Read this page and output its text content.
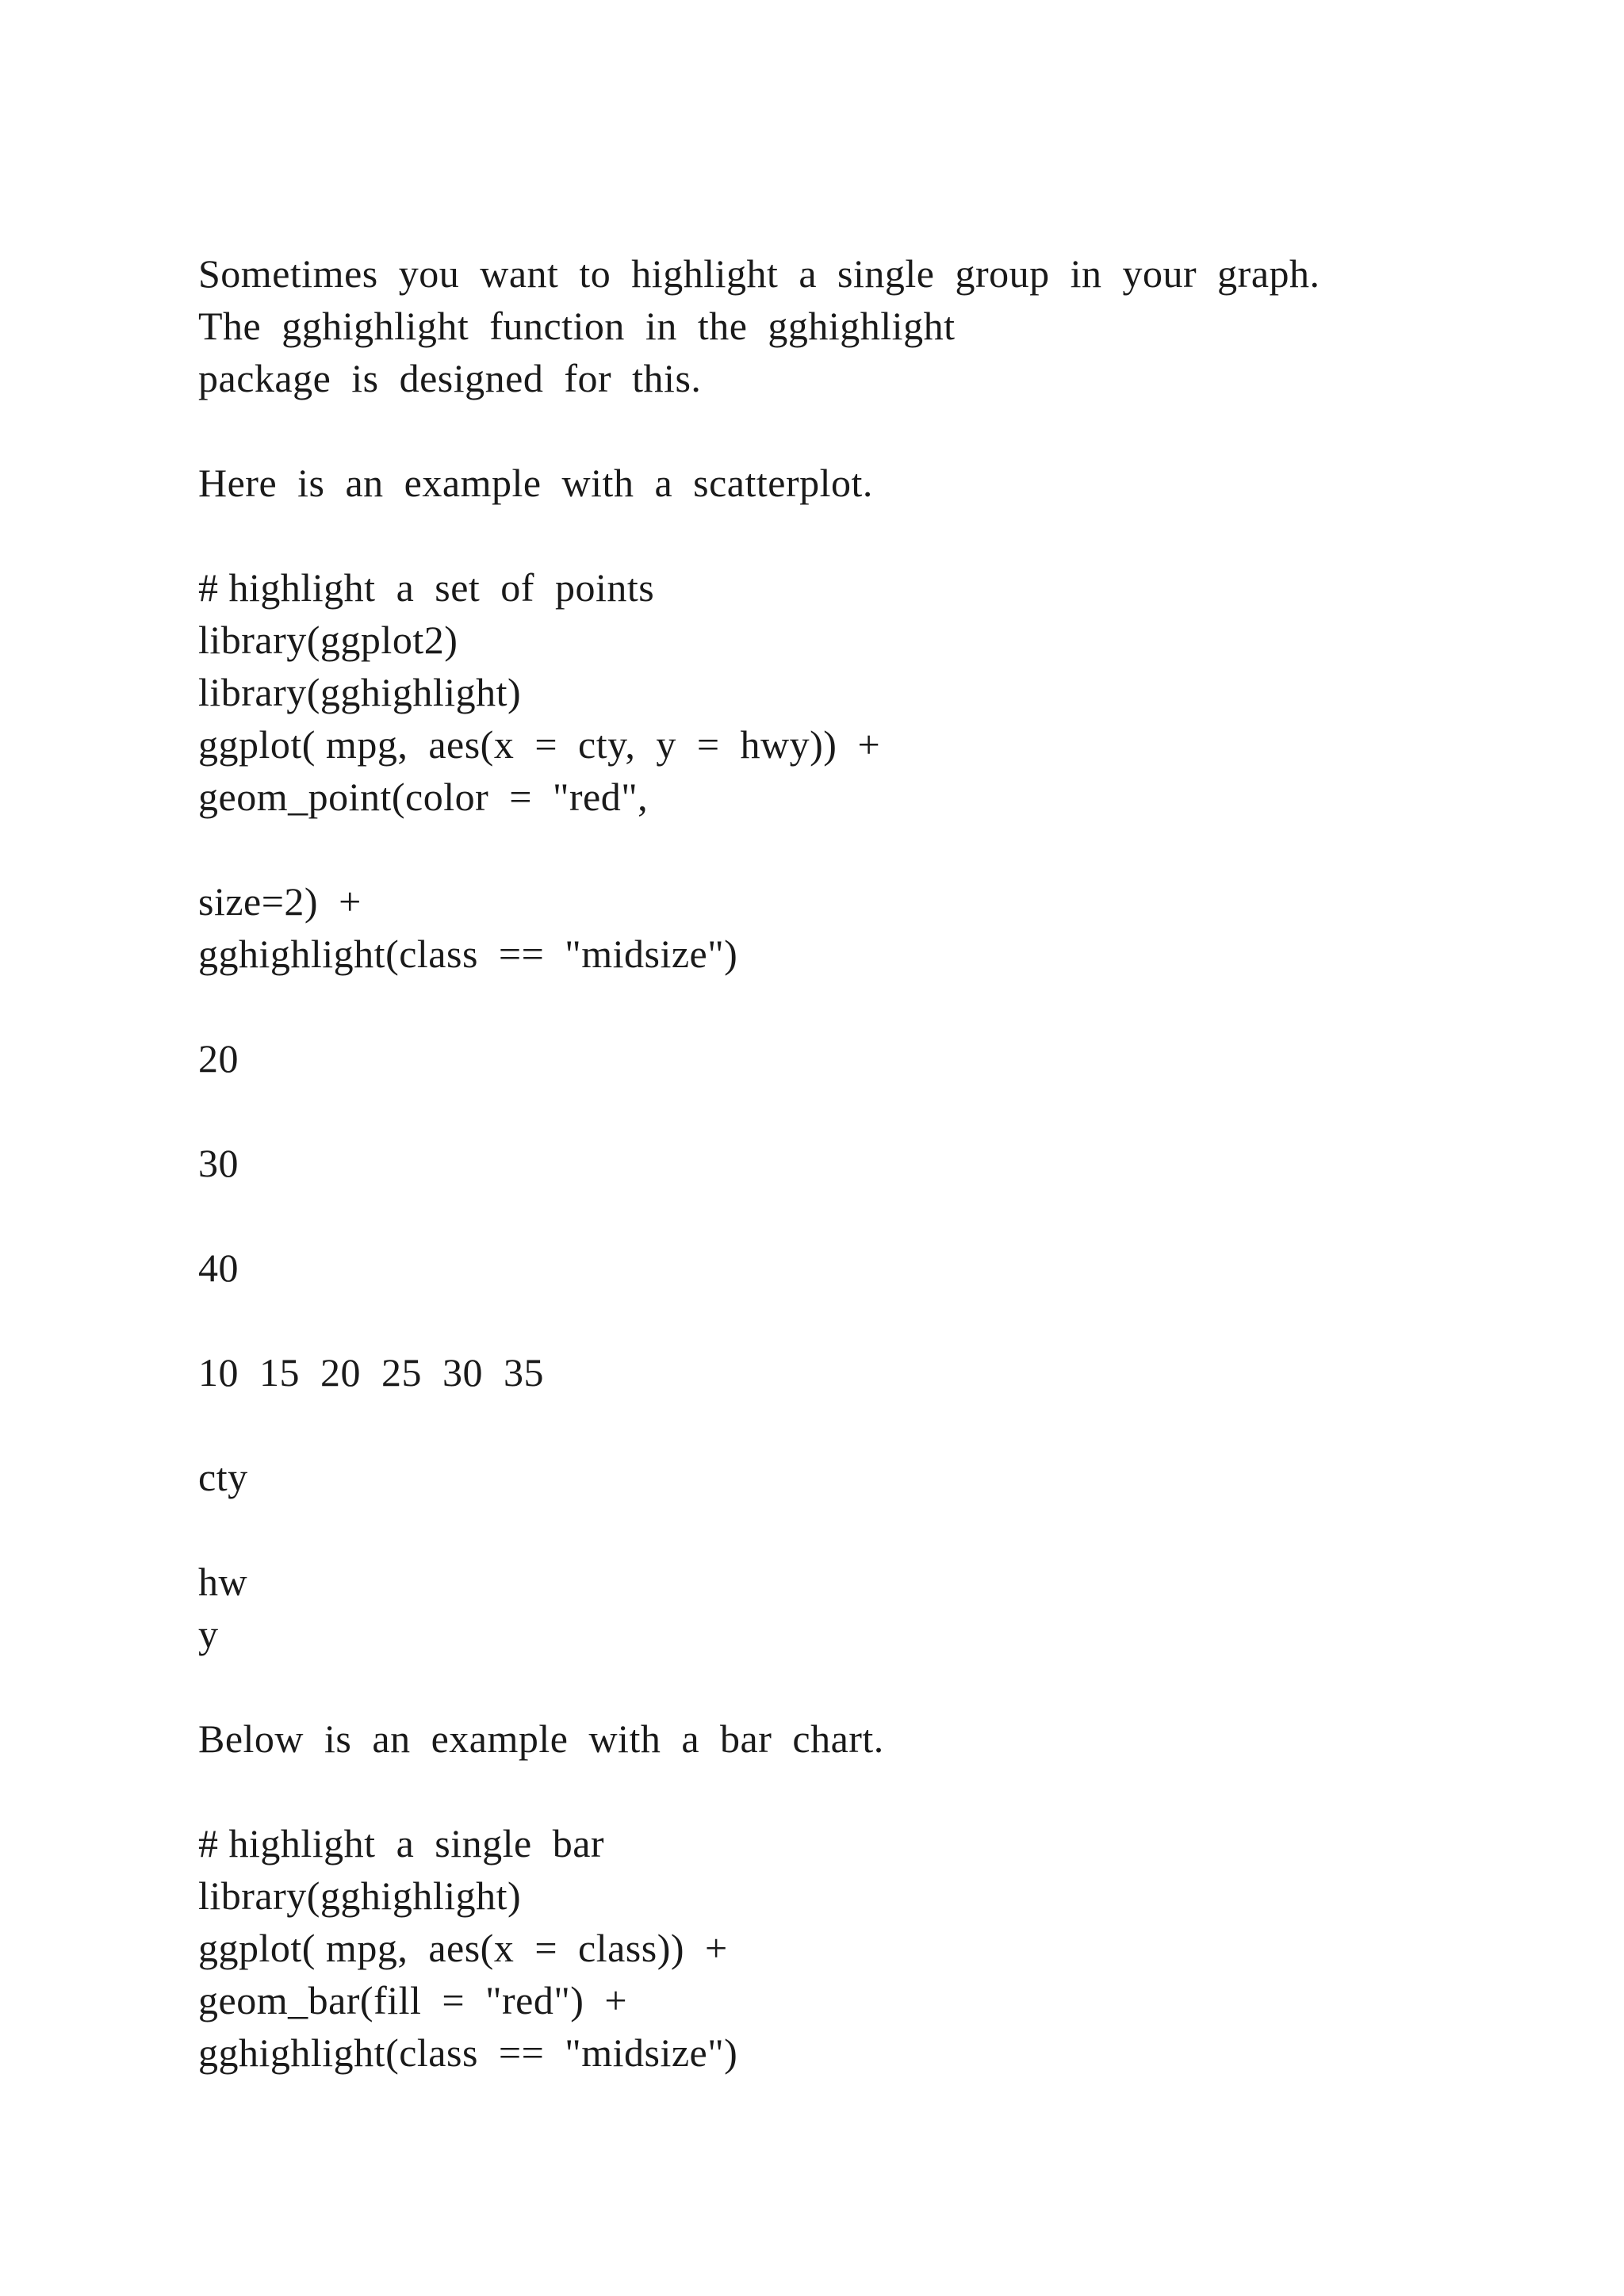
Sometimes  you  want  to  highlight  a  single  group  in  your  graph.
The  gghighlight  function  in  the  gghighlight
package  is  designed  for  this.
Here  is  an  example  with  a  scatterplot.
# highlight  a  set  of  points
library(ggplot2)
library(gghighlight)
ggplot( mpg,  aes(x  =  cty,  y  =  hwy))  +
geom_point(color  =  "red",
size=2)  +
gghighlight(class  ==  "midsize")
20
30
40
10  15  20  25  30  35
cty
hw
y
Below  is  an  example  with  a  bar  chart.
# highlight  a  single  bar
library(gghighlight)
ggplot( mpg,  aes(x  =  class))  +
geom_bar(fill  =  "red")  +
gghighlight(class  ==  "midsize")
